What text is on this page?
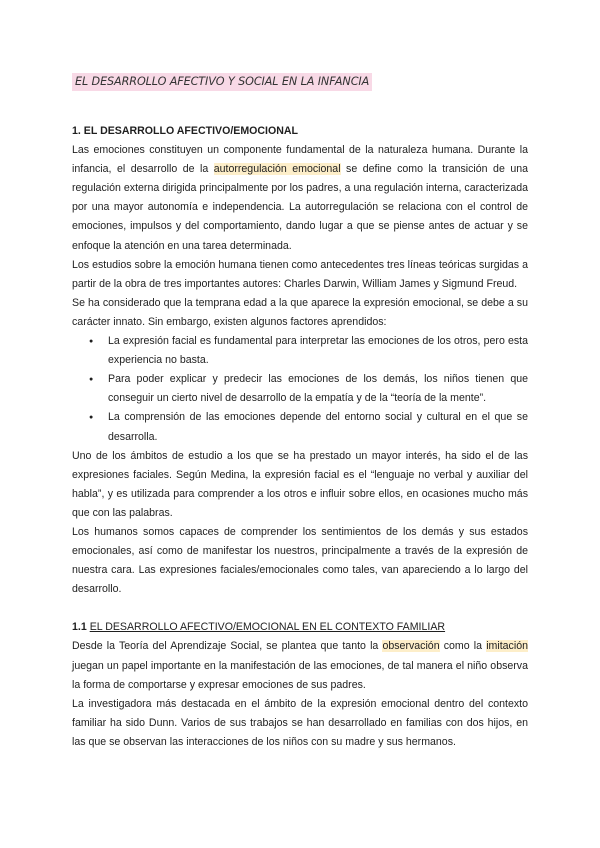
EL DESARROLLO AFECTIVO Y SOCIAL EN LA INFANCIA
1. EL DESARROLLO AFECTIVO/EMOCIONAL

Las emociones constituyen un componente fundamental de la naturaleza humana. Durante la infancia, el desarrollo de la autorregulación emocional se define como la transición de una regulación externa dirigida principalmente por los padres, a una regulación interna, caracterizada por una mayor autonomía e independencia. La autorregulación se relaciona con el control de emociones, impulsos y del comportamiento, dando lugar a que se piense antes de actuar y se enfoque la atención en una tarea determinada.

Los estudios sobre la emoción humana tienen como antecedentes tres líneas teóricas surgidas a partir de la obra de tres importantes autores: Charles Darwin, William James y Sigmund Freud.

Se ha considerado que la temprana edad a la que aparece la expresión emocional, se debe a su carácter innato. Sin embargo, existen algunos factores aprendidos:

● La expresión facial es fundamental para interpretar las emociones de los otros, pero esta experiencia no basta.
● Para poder explicar y predecir las emociones de los demás, los niños tienen que conseguir un cierto nivel de desarrollo de la empatía y de la “teoría de la mente”.
● La comprensión de las emociones depende del entorno social y cultural en el que se desarrolla.

Uno de los ámbitos de estudio a los que se ha prestado un mayor interés, ha sido el de las expresiones faciales. Según Medina, la expresión facial es el “lenguaje no verbal y auxiliar del habla”, y es utilizada para comprender a los otros e influir sobre ellos, en ocasiones mucho más que con las palabras.

Los humanos somos capaces de comprender los sentimientos de los demás y sus estados emocionales, así como de manifestar los nuestros, principalmente a través de la expresión de nuestra cara. Las expresiones faciales/emocionales como tales, van apareciendo a lo largo del desarrollo.

1.1 EL DESARROLLO AFECTIVO/EMOCIONAL EN EL CONTEXTO FAMILIAR

Desde la Teoría del Aprendizaje Social, se plantea que tanto la observación como la imitación juegan un papel importante en la manifestación de las emociones, de tal manera el niño observa la forma de comportarse y expresar emociones de sus padres.

La investigadora más destacada en el ámbito de la expresión emocional dentro del contexto familiar ha sido Dunn. Varios de sus trabajos se han desarrollado en familias con dos hijos, en las que se observan las interacciones de los niños con su madre y sus hermanos.
